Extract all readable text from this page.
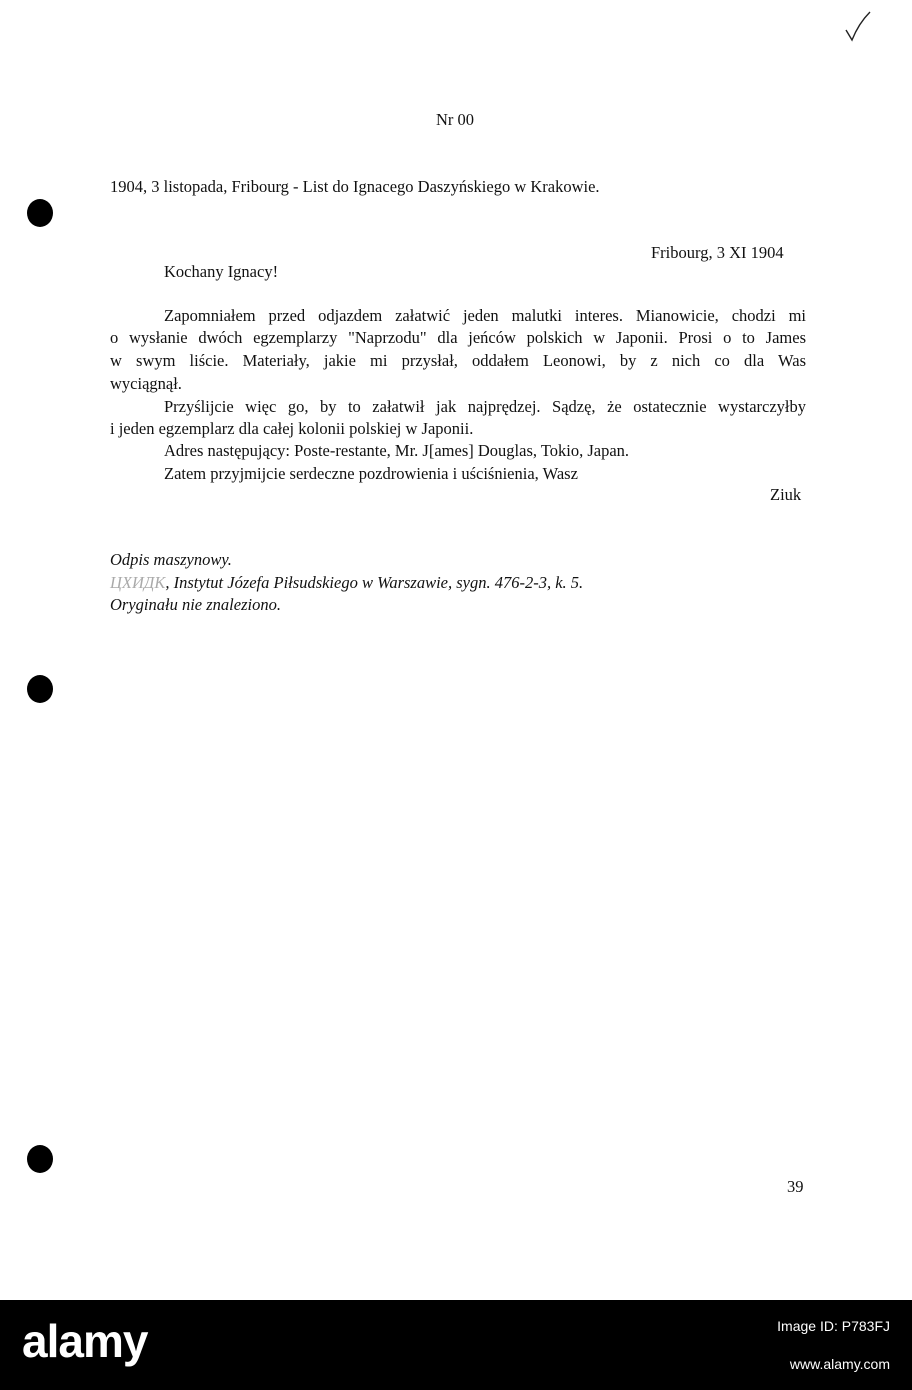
Nr 00
1904, 3 listopada, Fribourg - List do Ignacego Daszyńskiego w Krakowie.
Fribourg, 3 XI 1904
Kochany Ignacy!
Zapomniałem przed odjazdem załatwić jeden malutki interes. Mianowicie, chodzi mi
o wysłanie dwóch egzemplarzy "Naprzodu" dla jeńców polskich w Japonii. Prosi o to James
w swym liście. Materiały, jakie mi przysłał, oddałem Leonowi, by z nich co dla Was
wyciągnął.
Przyślijcie więc go, by to załatwił jak najprędzej. Sądzę, że ostatecznie wystarczyłby
i jeden egzemplarz dla całej kolonii polskiej w Japonii.
Adres następujący: Poste-restante, Mr. J[ames] Douglas, Tokio, Japan.
Zatem przyjmijcie serdeczne pozdrowienia i uściśnienia, Wasz
Ziuk
Odpis maszynowy.
ЦХИДК, Instytut Józefa Piłsudskiego w Warszawie, sygn. 476-2-3, k. 5.
Oryginału nie znaleziono.
39
alamy	Image ID: P783FJ
www.alamy.com
